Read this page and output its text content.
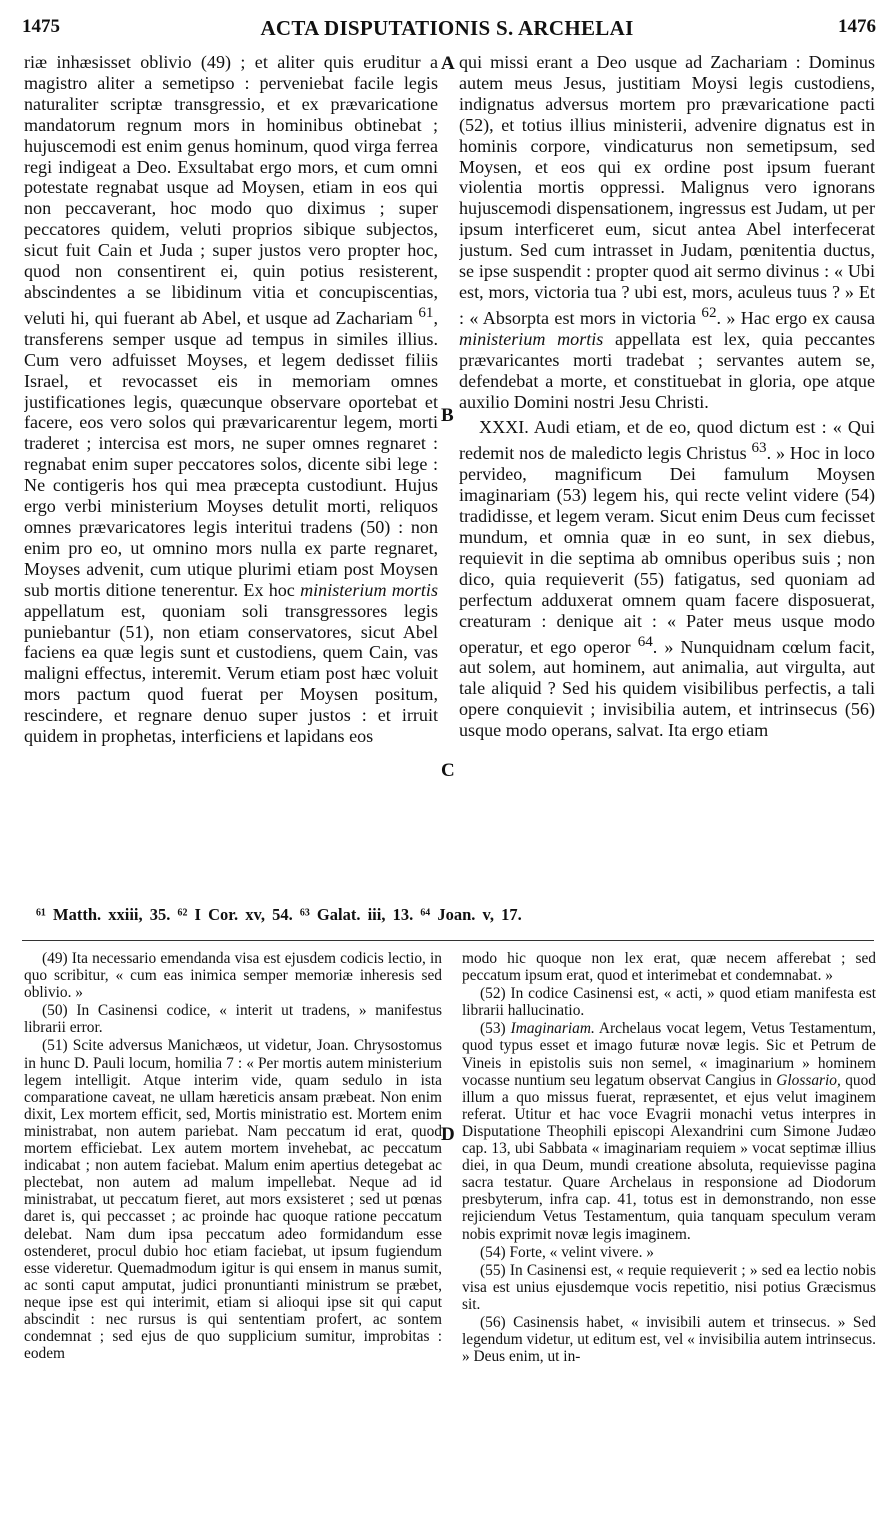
1475	ACTA DISPUTATIONIS S. ARCHELAI	1476
A
B
C
D

riæ inhæsisset oblivio (49) ; et aliter quis eruditur a magistro aliter a semetipso : perveniebat facile legis naturaliter scriptæ transgressio, et ex prævaricatione mandatorum regnum mors in hominibus obtinebat ; hujuscemodi est enim genus hominum, quod virga ferrea regi indigeat a Deo. Exsultabat ergo mors, et cum omni potestate regnabat usque ad Moysen, etiam in eos qui non peccaverant, hoc modo quo diximus ; super peccatores quidem, veluti proprios sibique subjectos, sicut fuit Cain et Juda ; super justos vero propter hoc, quod non consentirent ei, quin potius resisterent, abscindentes a se libidinum vitia et concupiscentias, veluti hi, qui fuerant ab Abel, et usque ad Zachariam $^{61}$, transferens semper usque ad tempus in similes illius. Cum vero adfuisset Moyses, et legem dedisset filiis Israel, et revocasset eis in memoriam omnes justificationes legis, quæcunque observare oportebat et facere, eos vero solos qui prævaricarentur legem, morti traderet ; intercisa est mors, ne super omnes regnaret : regnabat enim super peccatores solos, dicente sibi lege : Ne contigeris hos qui mea præcepta custodiunt. Hujus ergo verbi ministerium Moyses detulit morti, reliquos omnes prævaricatores legis interitui tradens (50) : non enim pro eo, ut omnino mors nulla ex parte regnaret, Moyses advenit, cum utique plurimi etiam post Moysen sub mortis ditione tenerentur. Ex hoc ministerium mortis appellatum est, quoniam soli transgressores legis puniebantur (51), non etiam conservatores, sicut Abel faciens ea quæ legis sunt et custodiens, quem Cain, vas maligni effectus, interemit. Verum etiam post hæc voluit mors pactum quod fuerat per Moysen positum, rescindere, et regnare denuo super justos : et irruit quidem in prophetas, interficiens et lapidans eos

qui missi erant a Deo usque ad Zachariam : Dominus autem meus Jesus, justitiam Moysi legis custodiens, indignatus adversus mortem pro prævaricatione pacti (52), et totius illius ministerii, advenire dignatus est in hominis corpore, vindicaturus non semetipsum, sed Moysen, et eos qui ex ordine post ipsum fuerant violentia mortis oppressi. Malignus vero ignorans hujuscemodi dispensationem, ingressus est Judam, ut per ipsum interficeret eum, sicut antea Abel interfecerat justum. Sed cum intrasset in Judam, pœnitentia ductus, se ipse suspendit : propter quod ait sermo divinus : « Ubi est, mors, victoria tua ? ubi est, mors, aculeus tuus ? » Et : « Absorpta est mors in victoria $^{62}$. » Hac ergo ex causa ministerium mortis appellata est lex, quia peccantes prævaricantes morti tradebat ; servantes autem se, defendebat a morte, et constituebat in gloria, ope atque auxilio Domini nostri Jesu Christi.

XXXI. Audi etiam, et de eo, quod dictum est : « Qui redemit nos de maledicto legis Christus $^{63}$. » Hoc in loco pervideo, magnificum Dei famulum Moysen imaginariam (53) legem his, qui recte velint videre (54) tradidisse, et legem veram. Sicut enim Deus cum fecisset mundum, et omnia quæ in eo sunt, in sex diebus, requievit in die septima ab omnibus operibus suis ; non dico, quia requieverit (55) fatigatus, sed quoniam ad perfectum adduxerat omnem quam facere disposuerat, creaturam : denique ait : « Pater meus usque modo operatur, et ego operor $^{64}$. » Nunquidnam cœlum facit, aut solem, aut hominem, aut animalia, aut virgulta, aut tale aliquid ? Sed his quidem visibilibus perfectis, a tali opere conquievit ; invisibilia autem, et intrinsecus (56) usque modo operans, salvat. Ita ergo etiam

⁶¹ Matth. xxiii, 35. ⁶² I Cor. xv, 54. ⁶³ Galat. iii, 13. ⁶⁴ Joan. v, 17.

(49) Ita necessario emendanda visa est ejusdem codicis lectio, in quo scribitur, « cum eas inimica semper memoriæ inheresis sed oblivio. »

(50) In Casinensi codice, « interit ut tradens, » manifestus librarii error.

(51) Scite adversus Manichæos, ut videtur, Joan. Chrysostomus in hunc D. Pauli locum, homilia 7 : « Per mortis autem ministerium legem intelligit. Atque interim vide, quam sedulo in ista comparatione caveat, ne ullam hæreticis ansam præbeat. Non enim dixit, Lex mortem efficit, sed, Mortis ministratio est. Mortem enim ministrabat, non autem pariebat. Nam peccatum id erat, quod mortem efficiebat. Lex autem mortem invehebat, ac peccatum indicabat ; non autem faciebat. Malum enim apertius detegebat ac plectebat, non autem ad malum impellebat. Neque ad id ministrabat, ut peccatum fieret, aut mors exsisteret ; sed ut pœnas daret is, qui peccasset ; ac proinde hac quoque ratione peccatum delebat. Nam dum ipsa peccatum adeo formidandum esse ostenderet, procul dubio hoc etiam faciebat, ut ipsum fugiendum esse videretur. Quemadmodum igitur is qui ensem in manus sumit, ac sonti caput amputat, judici pronuntianti ministrum se præbet, neque ipse est qui interimit, etiam si alioqui ipse sit qui caput abscindit : nec rursus is qui sententiam profert, ac sontem condemnat ; sed ejus de quo supplicium sumitur, improbitas : eodem

modo hic quoque non lex erat, quæ necem afferebat ; sed peccatum ipsum erat, quod et interimebat et condemnabat. »

(52) In codice Casinensi est, « acti, » quod etiam manifesta est librarii hallucinatio.

(53) Imaginariam. Archelaus vocat legem, Vetus Testamentum, quod typus esset et imago futuræ novæ legis. Sic et Petrum de Vineis in epistolis suis non semel, « imaginarium » hominem vocasse nuntium seu legatum observat Cangius in Glossario, quod illum a quo missus fuerat, repræsentet, et ejus velut imaginem referat. Utitur et hac voce Evagrii monachi vetus interpres in Disputatione Theophili episcopi Alexandrini cum Simone Judæo cap. 13, ubi Sabbata « imaginariam requiem » vocat septimæ illius diei, in qua Deum, mundi creatione absoluta, requievisse pagina sacra testatur. Quare Archelaus in responsione ad Diodorum presbyterum, infra cap. 41, totus est in demonstrando, non esse rejiciendum Vetus Testamentum, quia tanquam speculum veram nobis exprimit novæ legis imaginem.

(54) Forte, « velint vivere. »

(55) In Casinensi est, « requie requieverit ; » sed ea lectio nobis visa est unius ejusdemque vocis repetitio, nisi potius Græcismus sit.

(56) Casinensis habet, « invisibili autem et trinsecus. » Sed legendum videtur, ut editum est, vel « invisibilia autem intrinsecus. » Deus enim, ut in-
